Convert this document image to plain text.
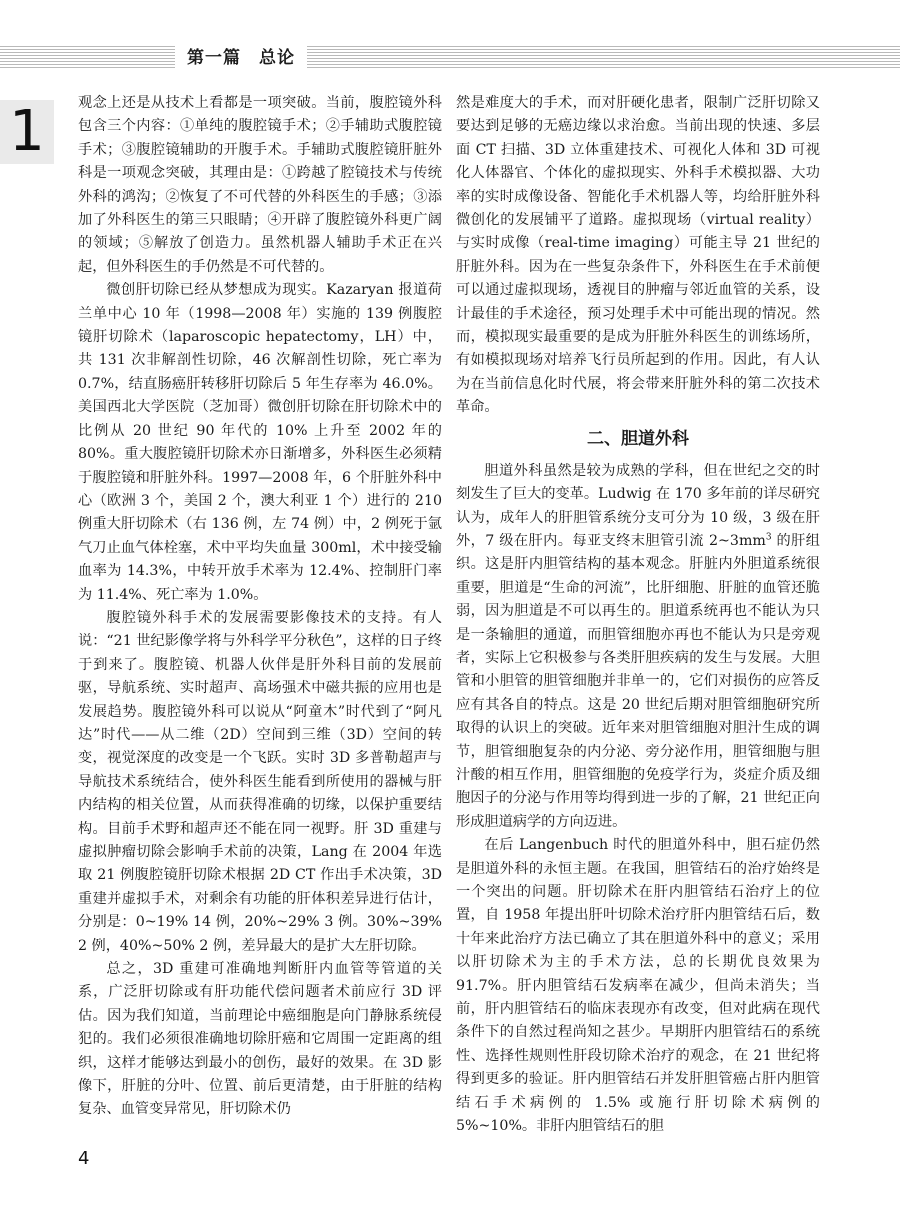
第一篇　总论
1	观念上还是从技术上看都是一项突破。当前，腹腔镜外科包含三个内容：①单纯的腹腔镜手术；②手辅助式腹腔镜手术；③腹腔镜辅助的开腹手术。手辅助式腹腔镜肝脏外科是一项观念突破，其理由是：①跨越了腔镜技术与传统外科的鸿沟；②恢复了不可代替的外科医生的手感；③添加了外科医生的第三只眼睛；④开辟了腹腔镜外科更广阔的领域；⑤解放了创造力。虽然机器人辅助手术正在兴起，但外科医生的手仍然是不可代替的。

微创肝切除已经从梦想成为现实。Kazaryan 报道荷兰单中心 10 年（1998—2008 年）实施的 139 例腹腔镜肝切除术（laparoscopic hepatectomy，LH）中，共 131 次非解剖性切除，46 次解剖性切除，死亡率为 0.7%，结直肠癌肝转移肝切除后 5 年生存率为 46.0%。美国西北大学医院（芝加哥）微创肝切除在肝切除术中的比例从 20 世纪 90 年代的 10% 上升至 2002 年的 80%。重大腹腔镜肝切除术亦日渐增多，外科医生必须精于腹腔镜和肝脏外科。1997—2008 年，6 个肝脏外科中心（欧洲 3 个，美国 2 个，澳大利亚 1 个）进行的 210 例重大肝切除术（右 136 例，左 74 例）中，2 例死于氩气刀止血气体栓塞，术中平均失血量 300ml，术中接受输血率为 14.3%，中转开放手术率为 12.4%、控制肝门率为 11.4%、死亡率为 1.0%。

腹腔镜外科手术的发展需要影像技术的支持。有人说：“21 世纪影像学将与外科学平分秋色”，这样的日子终于到来了。腹腔镜、机器人伙伴是肝外科目前的发展前驱，导航系统、实时超声、高场强术中磁共振的应用也是发展趋势。腹腔镜外科可以说从“阿童木”时代到了“阿凡达”时代——从二维（2D）空间到三维（3D）空间的转变，视觉深度的改变是一个飞跃。实时 3D 多普勒超声与导航技术系统结合，使外科医生能看到所使用的器械与肝内结构的相关位置，从而获得准确的切缘，以保护重要结构。目前手术野和超声还不能在同一视野。肝 3D 重建与虚拟肿瘤切除会影响手术前的决策，Lang 在 2004 年选取 21 例腹腔镜肝切除术根据 2D CT 作出手术决策，3D 重建并虚拟手术，对剩余有功能的肝体积差异进行估计，分别是：0~19% 14 例，20%~29% 3 例。30%~39% 2 例，40%~50% 2 例，差异最大的是扩大左肝切除。

总之，3D 重建可准确地判断肝内血管等管道的关系，广泛肝切除或有肝功能代偿问题者术前应行 3D 评估。因为我们知道，当前理论中癌细胞是向门静脉系统侵犯的。我们必须很准确地切除肝癌和它周围一定距离的组织，这样才能够达到最小的创伤，最好的效果。在 3D 影像下，肝脏的分叶、位置、前后更清楚，由于肝脏的结构复杂、血管变异常见，肝切除术仍

然是难度大的手术，而对肝硬化患者，限制广泛肝切除又要达到足够的无癌边缘以求治愈。当前出现的快速、多层面 CT 扫描、3D 立体重建技术、可视化人体和 3D 可视化人体器官、个体化的虚拟现实、外科手术模拟器、大功率的实时成像设备、智能化手术机器人等，均给肝脏外科微创化的发展铺平了道路。虚拟现场（virtual reality）与实时成像（real-time imaging）可能主导 21 世纪的肝脏外科。因为在一些复杂条件下，外科医生在手术前便可以通过虚拟现场，透视目的肿瘤与邻近血管的关系，设计最佳的手术途径，预习处理手术中可能出现的情况。然而，模拟现实最重要的是成为肝脏外科医生的训练场所，有如模拟现场对培养飞行员所起到的作用。因此，有人认为在当前信息化时代展，将会带来肝脏外科的第二次技术革命。

二、胆道外科

胆道外科虽然是较为成熟的学科，但在世纪之交的时刻发生了巨大的变革。Ludwig 在 170 多年前的详尽研究认为，成年人的肝胆管系统分支可分为 10 级，3 级在肝外，7 级在肝内。每亚支终末胆管引流 $2\sim 3mm^3$ 的肝组织。这是肝内胆管结构的基本观念。肝脏内外胆道系统很重要，胆道是“生命的河流”，比肝细胞、肝脏的血管还脆弱，因为胆道是不可以再生的。胆道系统再也不能认为只是一条输胆的通道，而胆管细胞亦再也不能认为只是旁观者，实际上它积极参与各类肝胆疾病的发生与发展。大胆管和小胆管的胆管细胞并非单一的，它们对损伤的应答反应有其各自的特点。这是 20 世纪后期对胆管细胞研究所取得的认识上的突破。近年来对胆管细胞对胆汁生成的调节，胆管细胞复杂的内分泌、旁分泌作用，胆管细胞与胆汁酸的相互作用，胆管细胞的免疫学行为，炎症介质及细胞因子的分泌与作用等均得到进一步的了解，21 世纪正向形成胆道病学的方向迈进。

在后 Langenbuch 时代的胆道外科中，胆石症仍然是胆道外科的永恒主题。在我国，胆管结石的治疗始终是一个突出的问题。肝切除术在肝内胆管结石治疗上的位置，自 1958 年提出肝叶切除术治疗肝内胆管结石后，数十年来此治疗方法已确立了其在胆道外科中的意义；采用以肝切除术为主的手术方法，总的长期优良效果为 91.7%。肝内胆管结石发病率在减少，但尚未消失；当前，肝内胆管结石的临床表现亦有改变，但对此病在现代条件下的自然过程尚知之甚少。早期肝内胆管结石的系统性、选择性规则性肝段切除术治疗的观念，在 21 世纪将得到更多的验证。肝内胆管结石并发肝胆管癌占肝内胆管结石手术病例的 1.5% 或施行肝切除术病例的 5%~10%。非肝内胆管结石的胆

4
